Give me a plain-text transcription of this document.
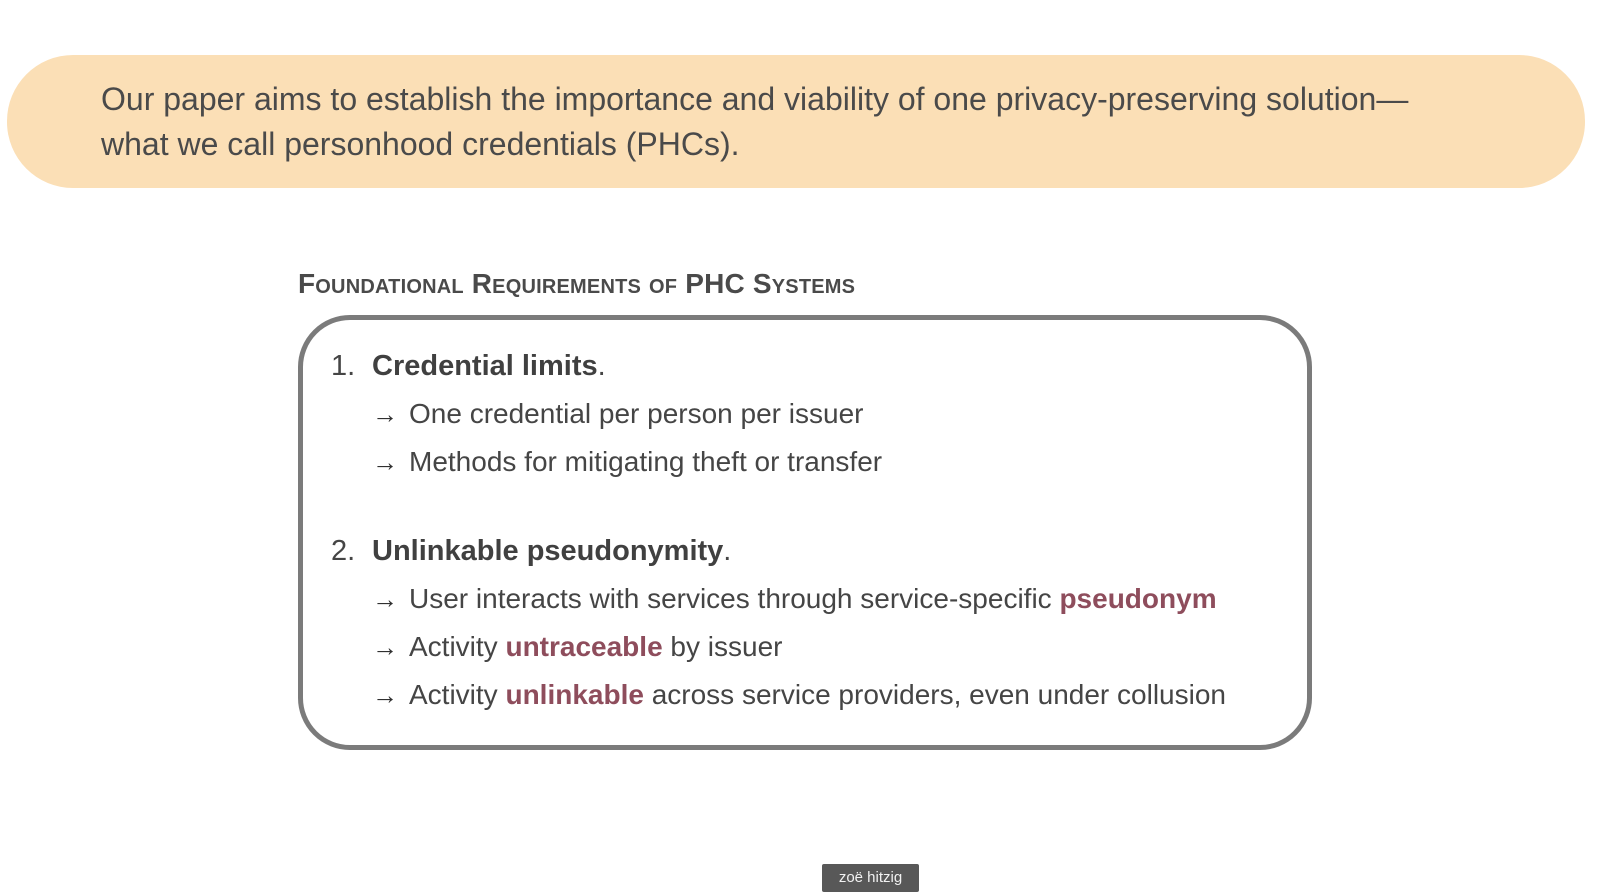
Our paper aims to establish the importance and viability of one privacy-preserving solution—
what we call personhood credentials (PHCs).

Foundational Requirements of PHC Systems
1. Credential limits .
→ One credential per person per issuer
→ Methods for mitigating theft or transfer
2. Unlinkable pseudonymity .
→ User interacts with services through service-specific pseudonym
→ Activity untraceable by issuer
→ Activity unlinkable across service providers, even under collusion
zoë hitzig
